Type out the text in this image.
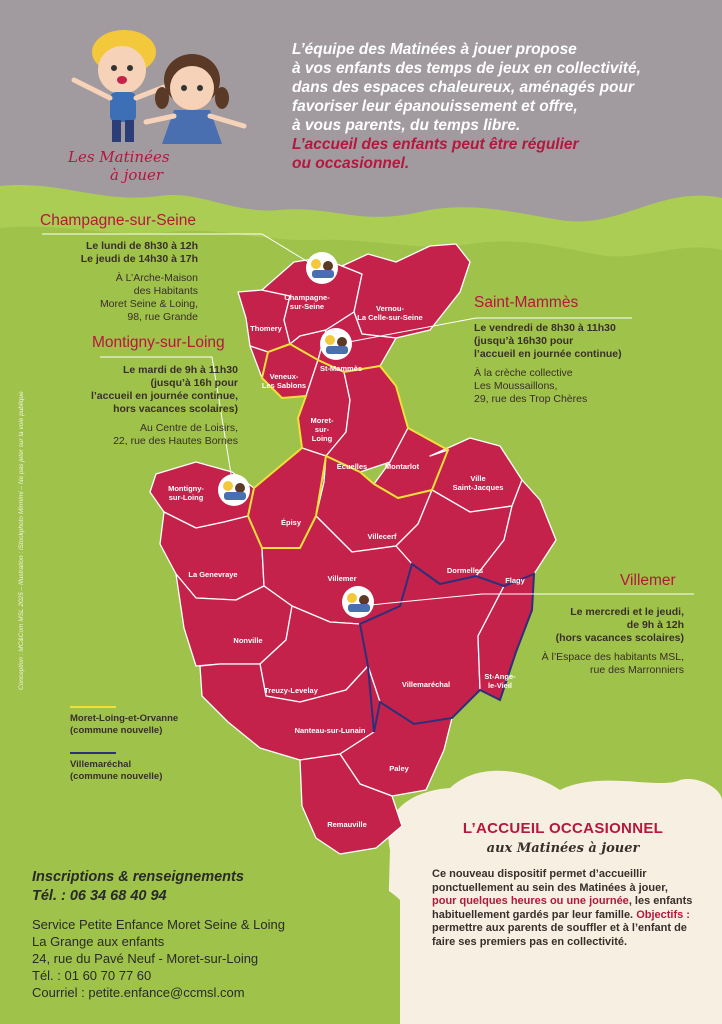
Les Matinées
à jouer
L’équipe des Matinées à jouer propose
à vos enfants des temps de jeux en collectivité,
dans des espaces chaleureux, aménagés pour
favoriser leur épanouissement et offre,
à vous parents, du temps libre.
L’accueil des enfants peut être régulier
ou occasionnel.
Conception : MC&Com MSL 2025 – Illustration : iStockphoto Mirmimi – Ne pas jeter sur la voie publique
Champagne-
sur-Seine	Vernou-
La Celle-sur-Seine
Thomery
St-Mammès
Veneux-
Les Sablons
Moret-
sur-
Loing
Écuelles	Montarlot
Ville
Saint-Jacques
Montigny-
sur-Loing
Épisy
Villecerf
Dormelles
Flagy
La Genevraye	Villemer
Nonville
Villemaréchal
St-Ange-
le-Vieil
Treuzy-Levelay
Nanteau-sur-Lunain
Paley
Remauville
Champagne-sur-Seine

Le lundi de 8h30 à 12h
Le jeudi de 14h30 à 17h

À L’Arche-Maison
des Habitants
Moret Seine & Loing,
98, rue Grande
Montigny-sur-Loing

Le mardi de 9h à 11h30
(jusqu’à 16h pour
l’accueil en journée continue,
hors vacances scolaires)

Au Centre de Loisirs,
22, rue des Hautes Bornes
Saint-Mammès

Le vendredi de 8h30 à 11h30
(jusqu’à 16h30 pour
l’accueil en journée continue)

À la crèche collective
Les Moussaillons,
29, rue des Trop Chères
Villemer

Le mercredi et le jeudi,
de 9h à 12h
(hors vacances scolaires)

À l’Espace des habitants MSL,
rue des Marronniers
Moret-Loing-et-Orvanne
(commune nouvelle)
Villemaréchal
(commune nouvelle)
Inscriptions & renseignements
Tél. : 06 34 68 40 94
Service Petite Enfance Moret Seine & Loing
La Grange aux enfants
24, rue du Pavé Neuf - Moret-sur-Loing
Tél. : 01 60 70 77 60
Courriel : petite.enfance@ccmsl.com
L’ACCUEIL OCCASIONNEL
aux Matinées à jouer
Ce nouveau dispositif permet d’accueillir ponctuellement au sein des Matinées à jouer, pour quelques heures ou une journée, les enfants habituellement gardés par leur famille. Objectifs : permettre aux parents de souffler et à l’enfant de faire ses premiers pas en collectivité.
